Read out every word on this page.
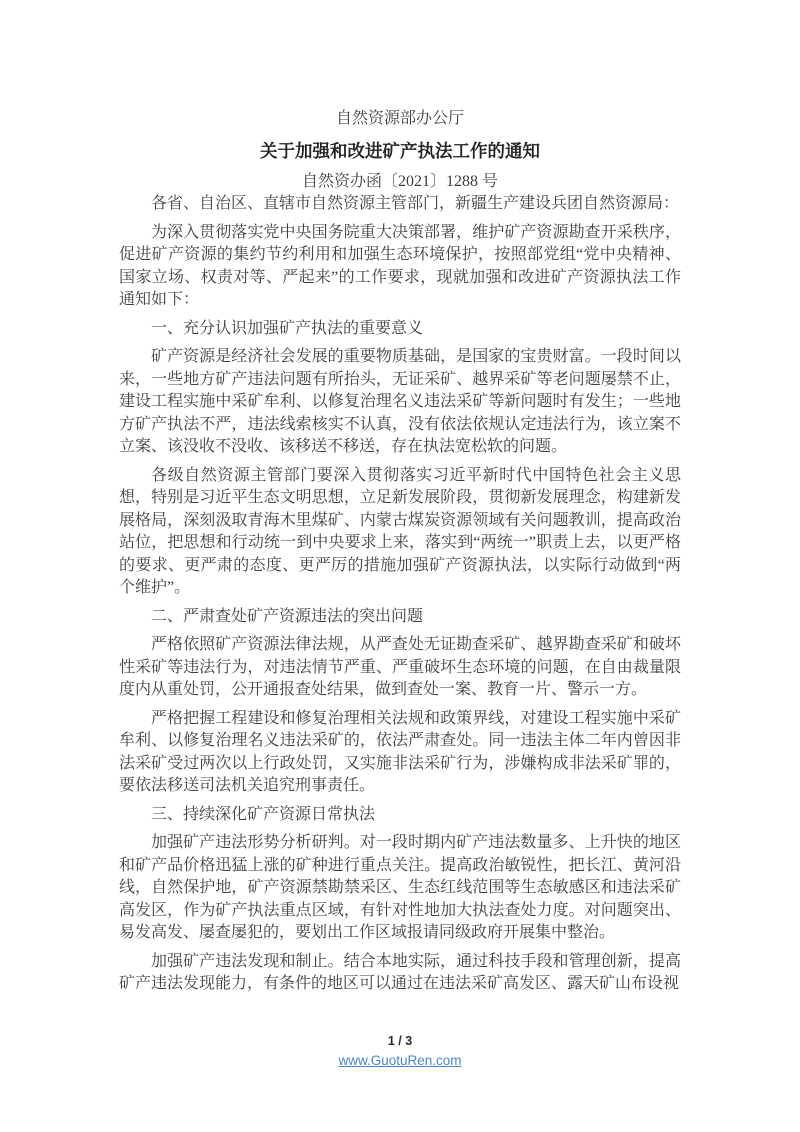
自然资源部办公厅
关于加强和改进矿产执法工作的通知
自然资办函〔2021〕1288 号

各省、自治区、直辖市自然资源主管部门，新疆生产建设兵团自然资源局：

为深入贯彻落实党中央国务院重大决策部署，维护矿产资源勘查开采秩序，促进矿产资源的集约节约利用和加强生态环境保护，按照部党组“党中央精神、国家立场、权责对等、严起来”的工作要求，现就加强和改进矿产资源执法工作通知如下：

一、充分认识加强矿产执法的重要意义

矿产资源是经济社会发展的重要物质基础，是国家的宝贵财富。一段时间以来，一些地方矿产违法问题有所抬头，无证采矿、越界采矿等老问题屡禁不止，建设工程实施中采矿牟利、以修复治理名义违法采矿等新问题时有发生；一些地方矿产执法不严，违法线索核实不认真，没有依法依规认定违法行为，该立案不立案、该没收不没收、该移送不移送，存在执法宽松软的问题。

各级自然资源主管部门要深入贯彻落实习近平新时代中国特色社会主义思想，特别是习近平生态文明思想，立足新发展阶段，贯彻新发展理念，构建新发展格局，深刻汲取青海木里煤矿、内蒙古煤炭资源领域有关问题教训，提高政治站位，把思想和行动统一到中央要求上来，落实到“两统一”职责上去，以更严格的要求、更严肃的态度、更严厉的措施加强矿产资源执法，以实际行动做到“两个维护”。

二、严肃查处矿产资源违法的突出问题

严格依照矿产资源法律法规，从严查处无证勘查采矿、越界勘查采矿和破坏性采矿等违法行为，对违法情节严重、严重破坏生态环境的问题，在自由裁量限度内从重处罚，公开通报查处结果，做到查处一案、教育一片、警示一方。

严格把握工程建设和修复治理相关法规和政策界线，对建设工程实施中采矿牟利、以修复治理名义违法采矿的，依法严肃查处。同一违法主体二年内曾因非法采矿受过两次以上行政处罚，又实施非法采矿行为，涉嫌构成非法采矿罪的，要依法移送司法机关追究刑事责任。

三、持续深化矿产资源日常执法

加强矿产违法形势分析研判。对一段时期内矿产违法数量多、上升快的地区和矿产品价格迅猛上涨的矿种进行重点关注。提高政治敏锐性，把长江、黄河沿线，自然保护地，矿产资源禁勘禁采区、生态红线范围等生态敏感区和违法采矿高发区，作为矿产执法重点区域，有针对性地加大执法查处力度。对问题突出、易发高发、屡查屡犯的，要划出工作区域报请同级政府开展集中整治。

加强矿产违法发现和制止。结合本地实际，通过科技手段和管理创新，提高矿产违法发现能力，有条件的地区可以通过在违法采矿高发区、露天矿山布设视

1 / 3
www.GuotuRen.com
